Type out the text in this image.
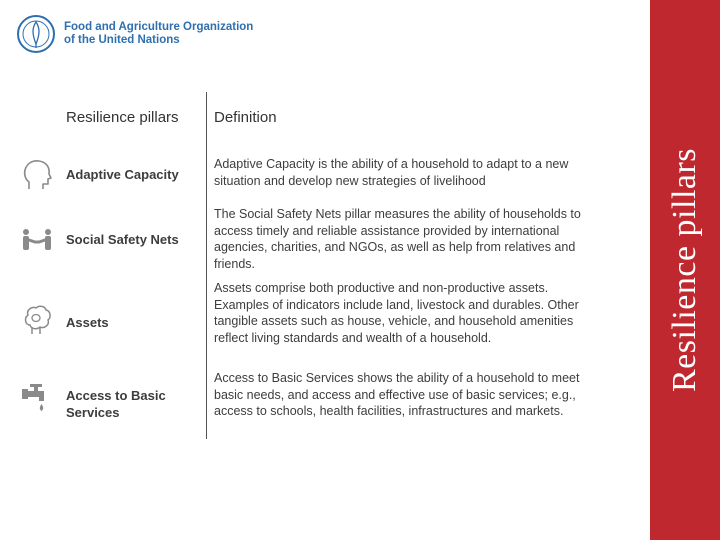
Food and Agriculture Organization
of the United Nations
Resilience pillars
Resilience pillars Definition
Adaptive Capacity
Adaptive Capacity is the ability of a household to adapt to a new situation and develop new strategies of livelihood
Social Safety Nets
The Social Safety Nets pillar measures the ability of households to access timely and reliable assistance provided by international agencies, charities, and NGOs, as well as help from relatives and friends.
Assets
Assets comprise both productive and non-productive assets. Examples of indicators include land, livestock and durables. Other tangible assets such as house, vehicle, and household amenities reflect living standards and wealth of a household.
Access to Basic Services
Access to Basic Services shows the ability of a household to meet basic needs, and access and effective use of basic services; e.g., access to schools, health facilities, infrastructures and markets.
